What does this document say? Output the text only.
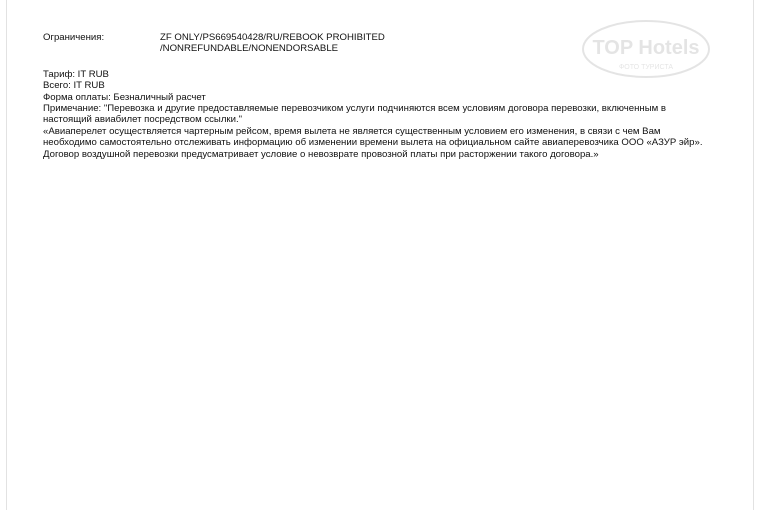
TOP Hotels
ФОТО ТУРИСТА
Ограничения:	ZF ONLY/PS669540428/RU/REBOOK PROHIBITED
/NONREFUNDABLE/NONENDORSABLE
Тариф: IT RUB
Всего: IT RUB
Форма оплаты: Безналичный расчет
Примечание: "Перевозка и другие предоставляемые перевозчиком услуги подчиняются всем условиям договора перевозки, включенным в настоящий авиабилет посредством ссылки."
«Авиаперелет осуществляется чартерным рейсом, время вылета не является существенным условием его изменения, в связи с чем Вам необходимо самостоятельно отслеживать информацию об изменении времени вылета на официальном сайте авиаперевозчика ООО «АЗУР эйр».
Договор воздушной перевозки предусматривает условие о невозврате провозной платы при расторжении такого договора.»
